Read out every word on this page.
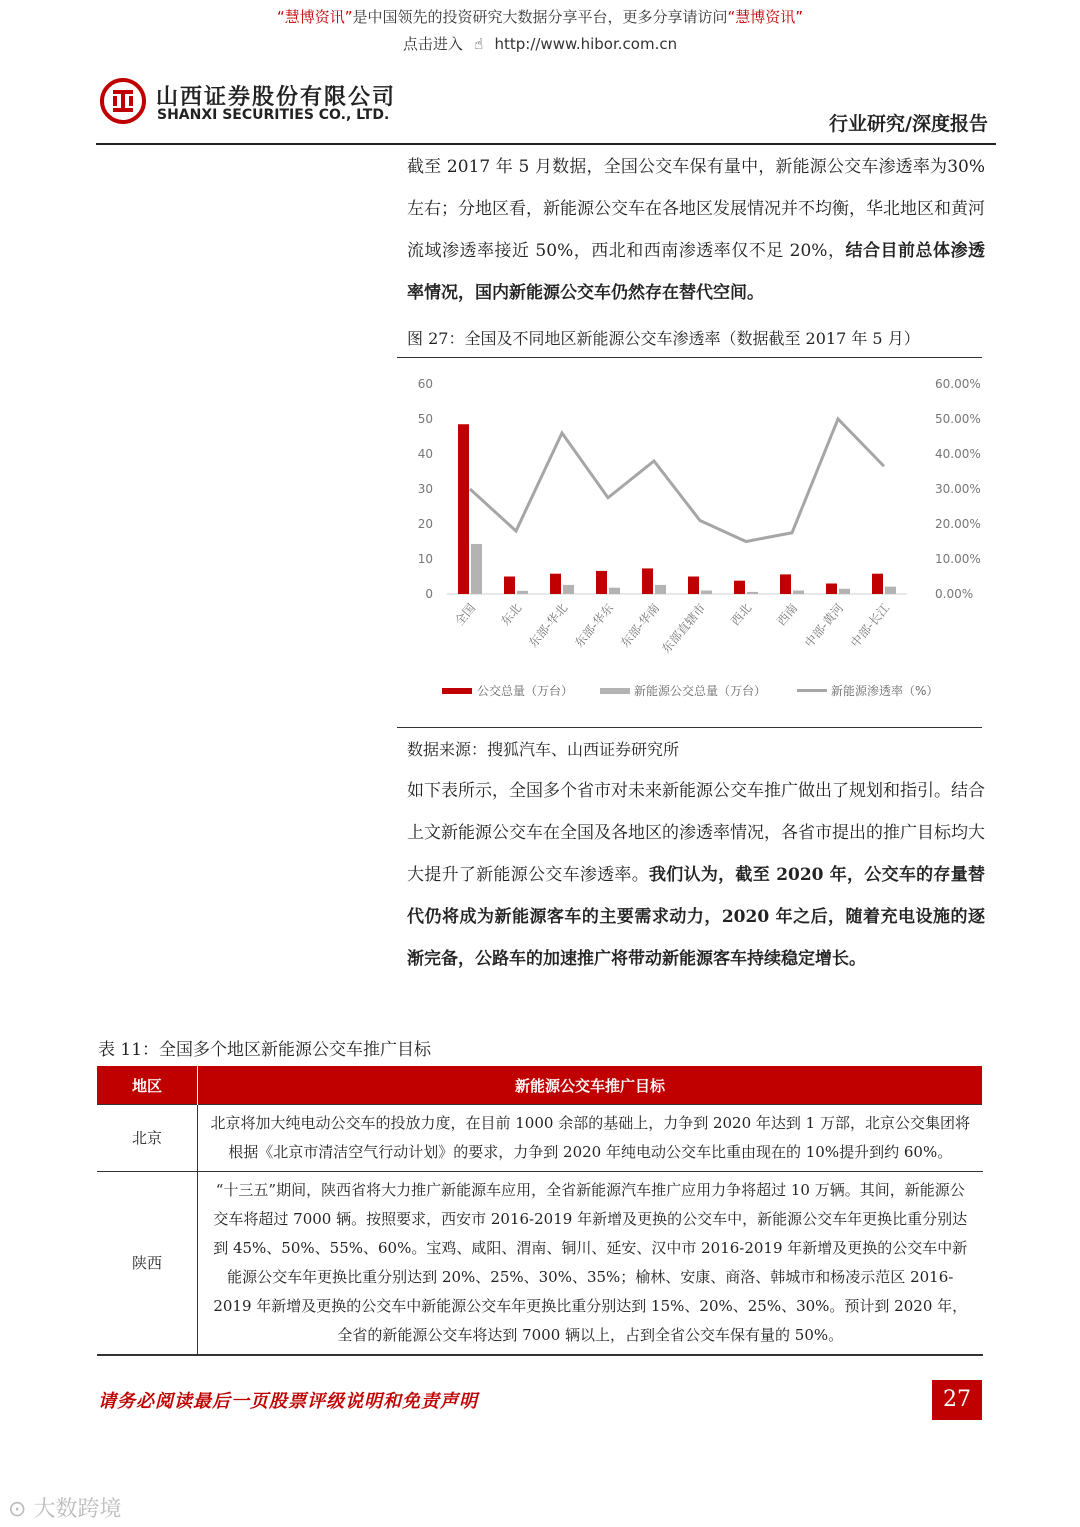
“慧博资讯”是中国领先的投资研究大数据分享平台，更多分享请访问“慧博资讯”
点击进入 ☝ http://www.hibor.com.cn
山西证券股份有限公司
SHANXI SECURITIES CO., LTD.	行业研究/深度报告
截至 2017 年 5 月数据，全国公交车保有量中，新能源公交车渗透率为30%左右；分地区看，新能源公交车在各地区发展情况并不均衡，华北地区和黄河流域渗透率接近 50%，西北和西南渗透率仅不足 20%，结合目前总体渗透率情况，国内新能源公交车仍然存在替代空间。
图 27：全国及不同地区新能源公交车渗透率（数据截至 2017 年 5 月）
0
10
20
30
40
50
60
0.00%
10.00%
20.00%
30.00%
40.00%
50.00%
60.00%
全国 东北 东部-华北 东部-华东 东部-华南
东部直辖市 西北 西南 中部-黄河 中部-长江
公交总量（万台）	新能源公交总量（万台）	新能源渗透率（%）
数据来源：搜狐汽车、山西证券研究所
如下表所示，全国多个省市对未来新能源公交车推广做出了规划和指引。结合上文新能源公交车在全国及各地区的渗透率情况，各省市提出的推广目标均大大提升了新能源公交车渗透率。我们认为，截至 2020 年，公交车的存量替代仍将成为新能源客车的主要需求动力，2020 年之后，随着充电设施的逐渐完备，公路车的加速推广将带动新能源客车持续稳定增长。
表 11：全国多个地区新能源公交车推广目标
地区	新能源公交车推广目标
北京	北京将加大纯电动公交车的投放力度，在目前 1000 余部的基础上，力争到 2020 年达到 1 万部，北京公交集团将根据《北京市清洁空气行动计划》的要求，力争到 2020 年纯电动公交车比重由现在的 10%提升到约 60%。
陕西	“十三五”期间，陕西省将大力推广新能源车应用，全省新能源汽车推广应用力争将超过 10 万辆。其间，新能源公交车将超过 7000 辆。按照要求，西安市 2016-2019 年新增及更换的公交车中，新能源公交车年更换比重分别达到 45%、50%、55%、60%。宝鸡、咸阳、渭南、铜川、延安、汉中市 2016-2019 年新增及更换的公交车中新能源公交车年更换比重分别达到 20%、25%、30%、35%；榆林、安康、商洛、韩城市和杨凌示范区 2016-2019 年新增及更换的公交车中新能源公交车年更换比重分别达到 15%、20%、25%、30%。预计到 2020 年，全省的新能源公交车将达到 7000 辆以上，占到全省公交车保有量的 50%。
请务必阅读最后一页股票评级说明和免责声明	27
⊙ 大数跨境
